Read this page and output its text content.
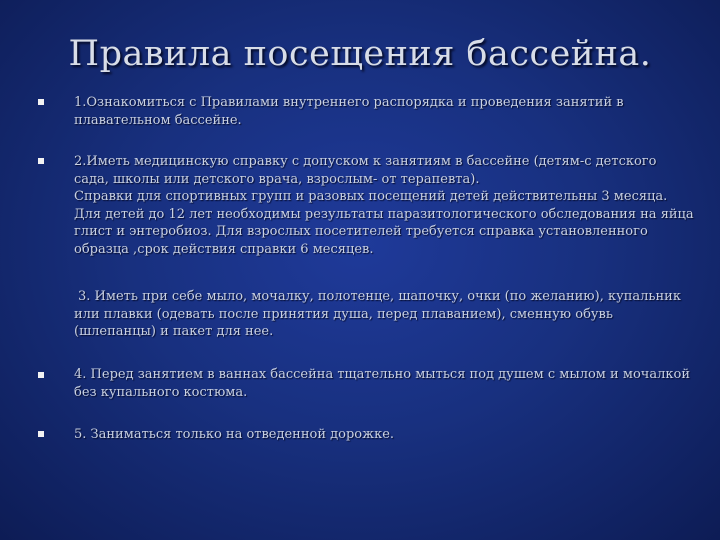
Правила посещения бассейна.

1.Ознакомиться с Правилами внутреннего распорядка и проведения занятий в плавательном бассейне.

2.Иметь медицинскую справку с допуском к занятиям в бассейне (детям-с детского сада, школы или детского врача, взрослым- от терапевта).

Справки для спортивных групп и разовых посещений детей действительны 3 месяца. Для детей до 12 лет необходимы результаты паразитологического обследования на яйца глист и энтеробиоз. Для взрослых посетителей требуется справка установленного образца ,срок действия справки 6 месяцев.

3. Иметь при себе мыло, мочалку, полотенце, шапочку, очки (по желанию), купальник или плавки (одевать после принятия душа, перед плаванием), сменную обувь (шлепанцы) и пакет для нее.

4. Перед занятием в ваннах бассейна тщательно мыться под душем с мылом и мочалкой без купального костюма.

5. Заниматься только на отведенной дорожке.
